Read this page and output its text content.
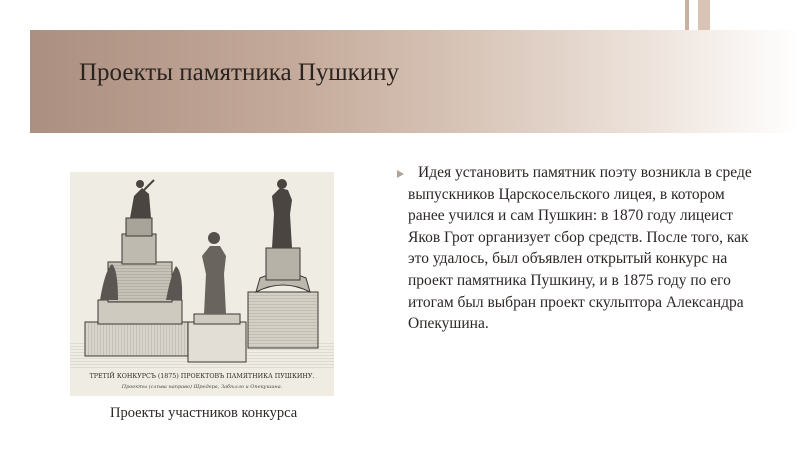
Проекты памятника Пушкину

Идея установить памятник поэту возникла в среде выпускников Царскосельского лицея, в котором ранее учился и сам Пушкин: в 1870 году лицеист Яков Грот организует сбор средств. После того, как это удалось, был объявлен открытый конкурс на проект памятника Пушкину, и в 1875 году по его итогам был выбран проект скульптора Александра Опекушина.

ТРЕТІЙ КОНКУРСЪ (1875) ПРОЕКТОВЪ ПАМЯТНИКА ПУШКИНУ.
Проекты (слѣва направо) Шредера, Забѣлло и Опекушина.

Проекты участников конкурса
